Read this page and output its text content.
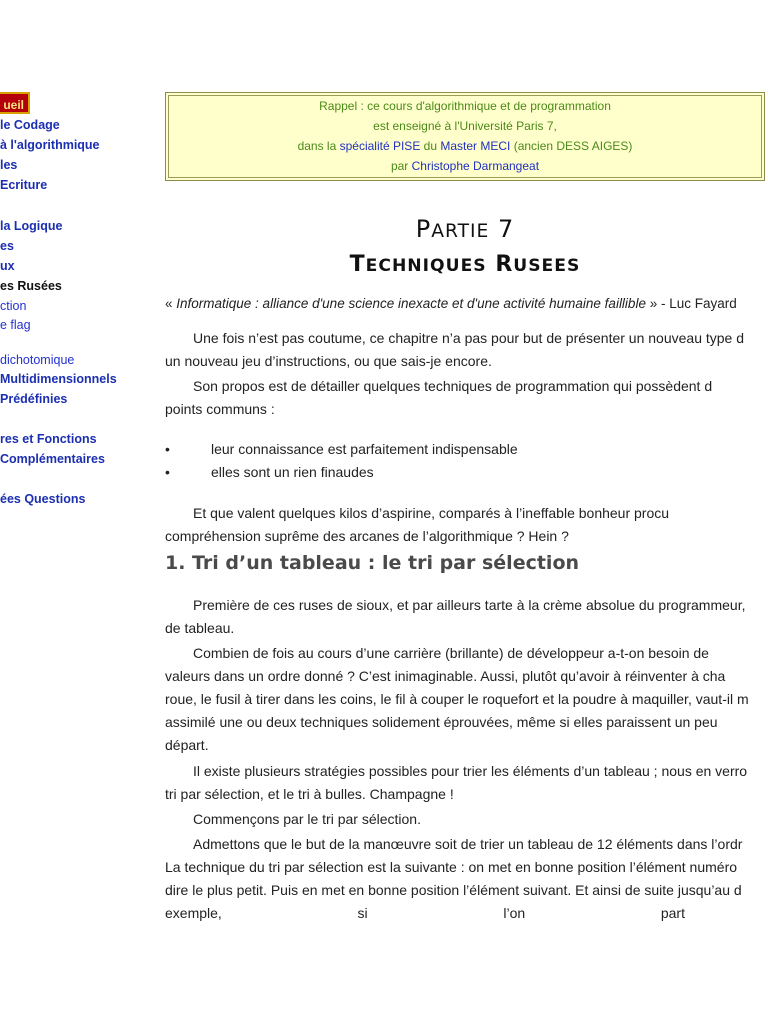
ueil
le Codage
à l'algorithmique
les
Ecriture
la Logique
es
ux
es Rusées
ction
e flag
dichotomique
Multidimensionnels
Prédéfinies
res et Fonctions
Complémentaires
ées Questions
Rappel : ce cours d'algorithmique et de programmation
est enseigné à l'Université Paris 7,
dans la spécialité PISE du Master MECI (ancien DESS AIGES)
par Christophe Darmangeat
PARTIE 7
TECHNIQUES RUSEES
« Informatique : alliance d'une science inexacte et d'une activité humaine faillible » - Luc Fayard
Une fois n’est pas coutume, ce chapitre n’a pas pour but de présenter un nouveau type d
un nouveau jeu d’instructions, ou que sais-je encore.
Son propos est de détailler quelques techniques de programmation qui possèdent d
points communs :
• leur connaissance est parfaitement indispensable
• elles sont un rien finaudes
Et que valent quelques kilos d’aspirine, comparés à l’ineffable bonheur procu
compréhension suprême des arcanes de l’algorithmique ? Hein ?
1. Tri d’un tableau : le tri par sélection
Première de ces ruses de sioux, et par ailleurs tarte à la crème absolue du programmeur,
de tableau.
Combien de fois au cours d’une carrière (brillante) de développeur a-t-on besoin de
valeurs dans un ordre donné ? C’est inimaginable. Aussi, plutôt qu’avoir à réinventer à cha
roue, le fusil à tirer dans les coins, le fil à couper le roquefort et la poudre à maquiller, vaut-il m
assimilé une ou deux techniques solidement éprouvées, même si elles paraissent un peu
départ.
Il existe plusieurs stratégies possibles pour trier les éléments d’un tableau ; nous en verro
tri par sélection, et le tri à bulles. Champagne !
Commençons par le tri par sélection.
Admettons que le but de la manœuvre soit de trier un tableau de 12 éléments dans l’ordr
La technique du tri par sélection est la suivante : on met en bonne position l’élément numéro
dire le plus petit. Puis en met en bonne position l’élément suivant. Et ainsi de suite jusqu’au d
exemple,	si	l’on	part
